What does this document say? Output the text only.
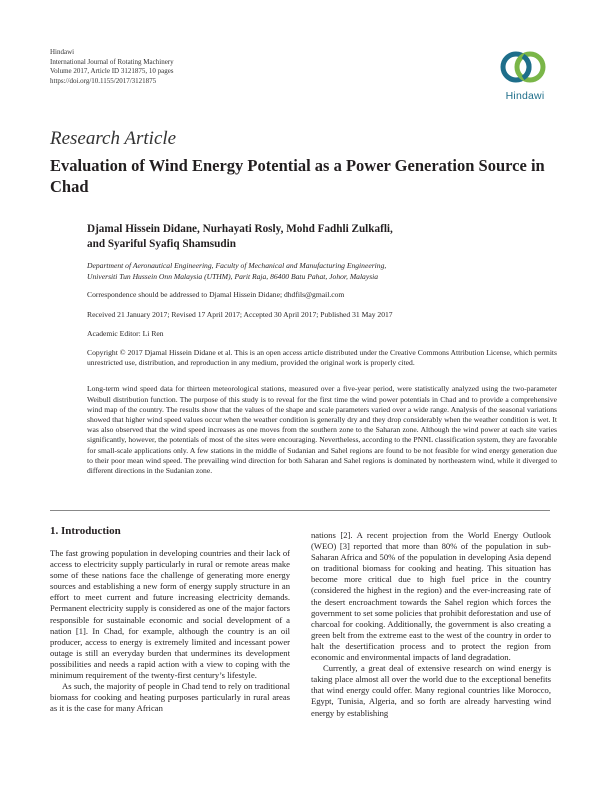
Hindawi
International Journal of Rotating Machinery
Volume 2017, Article ID 3121875, 10 pages
https://doi.org/10.1155/2017/3121875
Hindawi
Research Article
Evaluation of Wind Energy Potential as a Power Generation Source in Chad
Djamal Hissein Didane, Nurhayati Rosly, Mohd Fadhli Zulkafli,
and Syariful Syafiq Shamsudin
Department of Aeronautical Engineering, Faculty of Mechanical and Manufacturing Engineering,
Universiti Tun Hussein Onn Malaysia (UTHM), Parit Raja, 86400 Batu Pahat, Johor, Malaysia
Correspondence should be addressed to Djamal Hissein Didane; dhdfils@gmail.com
Received 21 January 2017; Revised 17 April 2017; Accepted 30 April 2017; Published 31 May 2017
Academic Editor: Li Ren
Copyright © 2017 Djamal Hissein Didane et al. This is an open access article distributed under the Creative Commons Attribution License, which permits unrestricted use, distribution, and reproduction in any medium, provided the original work is properly cited.
Long-term wind speed data for thirteen meteorological stations, measured over a five-year period, were statistically analyzed using the two-parameter Weibull distribution function. The purpose of this study is to reveal for the first time the wind power potentials in Chad and to provide a comprehensive wind map of the country. The results show that the values of the shape and scale parameters varied over a wide range. Analysis of the seasonal variations showed that higher wind speed values occur when the weather condition is generally dry and they drop considerably when the weather condition is wet. It was also observed that the wind speed increases as one moves from the southern zone to the Saharan zone. Although the wind power at each site varies significantly, however, the potentials of most of the sites were encouraging. Nevertheless, according to the PNNL classification system, they are favorable for small-scale applications only. A few stations in the middle of Sudanian and Sahel regions are found to be not feasible for wind energy generation due to their poor mean wind speed. The prevailing wind direction for both Saharan and Sahel regions is dominated by northeastern wind, while it diverged to different directions in the Sudanian zone.
1. Introduction

The fast growing population in developing countries and their lack of access to electricity supply particularly in rural or remote areas make some of these nations face the challenge of generating more energy sources and establishing a new form of energy supply structure in an effort to meet current and future increasing electricity demands. Permanent electricity supply is considered as one of the major factors responsible for sustainable economic and social development of a nation [1]. In Chad, for example, although the country is an oil producer, access to energy is extremely limited and incessant power outage is still an everyday burden that undermines its development possibilities and needs a rapid action with a view to coping with the minimum requirement of the twenty-first century’s lifestyle.

As such, the majority of people in Chad tend to rely on traditional biomass for cooking and heating purposes particularly in rural areas as it is the case for many African

nations [2]. A recent projection from the World Energy Outlook (WEO) [3] reported that more than 80% of the population in sub-Saharan Africa and 50% of the population in developing Asia depend on traditional biomass for cooking and heating. This situation has become more critical due to high fuel price in the country (considered the highest in the region) and the ever-increasing rate of the desert encroachment towards the Sahel region which forces the government to set some policies that prohibit deforestation and use of charcoal for cooking. Additionally, the government is also creating a green belt from the extreme east to the west of the country in order to halt the desertification process and to protect the region from economic and environmental impacts of land degradation.

Currently, a great deal of extensive research on wind energy is taking place almost all over the world due to the exceptional benefits that wind energy could offer. Many regional countries like Morocco, Egypt, Tunisia, Algeria, and so forth are already harvesting wind energy by establishing
